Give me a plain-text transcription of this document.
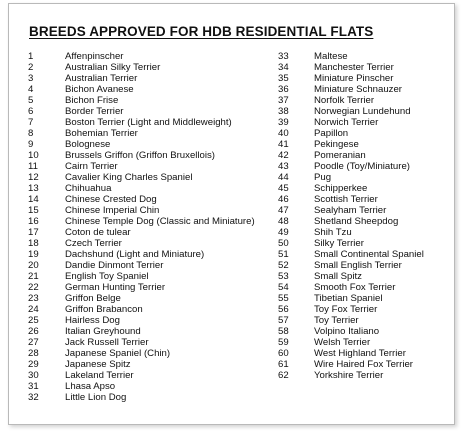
BREEDS APPROVED FOR HDB RESIDENTIAL FLATS
1	Affenpinscher
2	Australian Silky Terrier
3	Australian Terrier
4	Bichon Avanese
5	Bichon Frise
6	Border Terrier
7	Boston Terrier (Light and Middleweight)
8	Bohemian Terrier
9	Bolognese
10	Brussels Griffon (Griffon Bruxellois)
11	Cairn Terrier
12	Cavalier King Charles Spaniel
13	Chihuahua
14	Chinese Crested Dog
15	Chinese Imperial Chin
16	Chinese Temple Dog (Classic and Miniature)
17	Coton de tulear
18	Czech Terrier
19	Dachshund (Light and Miniature)
20	Dandie Dinmont Terrier
21	English Toy Spaniel
22	German Hunting Terrier
23	Griffon Belge
24	Griffon Brabancon
25	Hairless Dog
26	Italian Greyhound
27	Jack Russell Terrier
28	Japanese Spaniel (Chin)
29	Japanese Spitz
30	Lakeland Terrier
31	Lhasa Apso
32	Little Lion Dog
33	Maltese
34	Manchester Terrier
35	Miniature Pinscher
36	Miniature Schnauzer
37	Norfolk Terrier
38	Norwegian Lundehund
39	Norwich Terrier
40	Papillon
41	Pekingese
42	Pomeranian
43	Poodle (Toy/Miniature)
44	Pug
45	Schipperkee
46	Scottish Terrier
47	Sealyham Terrier
48	Shetland Sheepdog
49	Shih Tzu
50	Silky Terrier
51	Small Continental Spaniel
52	Small English Terrier
53	Small Spitz
54	Smooth Fox Terrier
55	Tibetian Spaniel
56	Toy Fox Terrier
57	Toy Terrier
58	Volpino Italiano
59	Welsh Terrier
60	West Highland Terrier
61	Wire Haired Fox Terrier
62	Yorkshire Terrier
